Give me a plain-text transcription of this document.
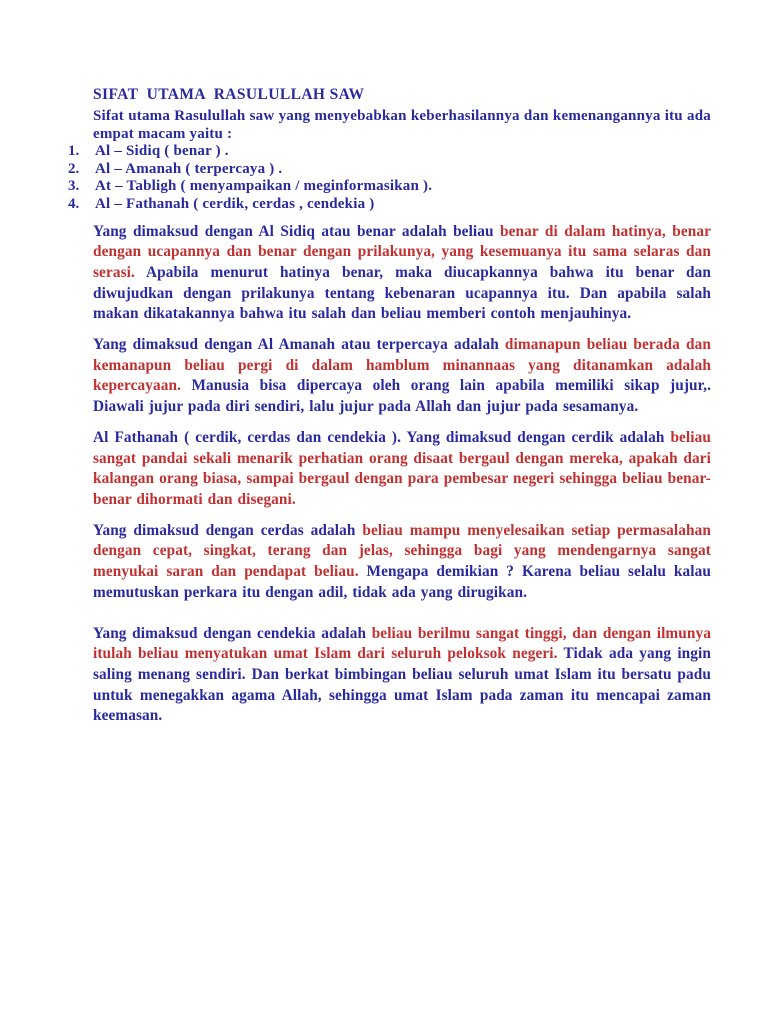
SIFAT  UTAMA  RASULULLAH SAW
Sifat utama Rasulullah saw yang menyebabkan keberhasilannya dan kemenangannya itu ada empat macam yaitu :
1.	Al – Sidiq ( benar ) .
2.	Al – Amanah ( terpercaya ) .
3.	At – Tabligh ( menyampaikan / meginformasikan ).
4.	Al – Fathanah ( cerdik, cerdas , cendekia )

Yang dimaksud dengan Al Sidiq atau benar adalah beliau benar di dalam hatinya, benar dengan ucapannya dan benar dengan prilakunya, yang kesemuanya itu sama selaras dan serasi. Apabila menurut hatinya benar, maka diucapkannya bahwa itu benar dan diwujudkan dengan prilakunya tentang kebenaran ucapannya itu. Dan apabila salah makan dikatakannya bahwa itu salah dan beliau memberi contoh menjauhinya.

Yang dimaksud dengan Al Amanah atau terpercaya adalah dimanapun beliau berada dan kemanapun beliau pergi di dalam hamblum minannaas yang ditanamkan adalah kepercayaan. Manusia bisa dipercaya oleh orang lain apabila memiliki sikap jujur,. Diawali jujur pada diri sendiri, lalu jujur pada Allah dan jujur pada sesamanya.

Al Fathanah ( cerdik, cerdas dan cendekia ). Yang dimaksud dengan cerdik adalah beliau sangat pandai sekali menarik perhatian orang disaat bergaul dengan mereka, apakah dari kalangan orang biasa, sampai bergaul dengan para pembesar negeri sehingga beliau benar-benar dihormati dan disegani.

Yang dimaksud dengan cerdas adalah beliau mampu menyelesaikan setiap permasalahan dengan cepat, singkat, terang dan jelas, sehingga bagi yang mendengarnya sangat menyukai saran dan pendapat beliau. Mengapa demikian ? Karena beliau selalu kalau memutuskan perkara itu dengan adil, tidak ada yang dirugikan.

Yang dimaksud dengan cendekia adalah beliau berilmu sangat tinggi, dan dengan ilmunya itulah beliau menyatukan umat Islam dari seluruh peloksok negeri. Tidak ada yang ingin saling menang sendiri. Dan berkat bimbingan beliau seluruh umat Islam itu bersatu padu untuk menegakkan agama Allah, sehingga umat Islam pada zaman itu mencapai zaman keemasan.
